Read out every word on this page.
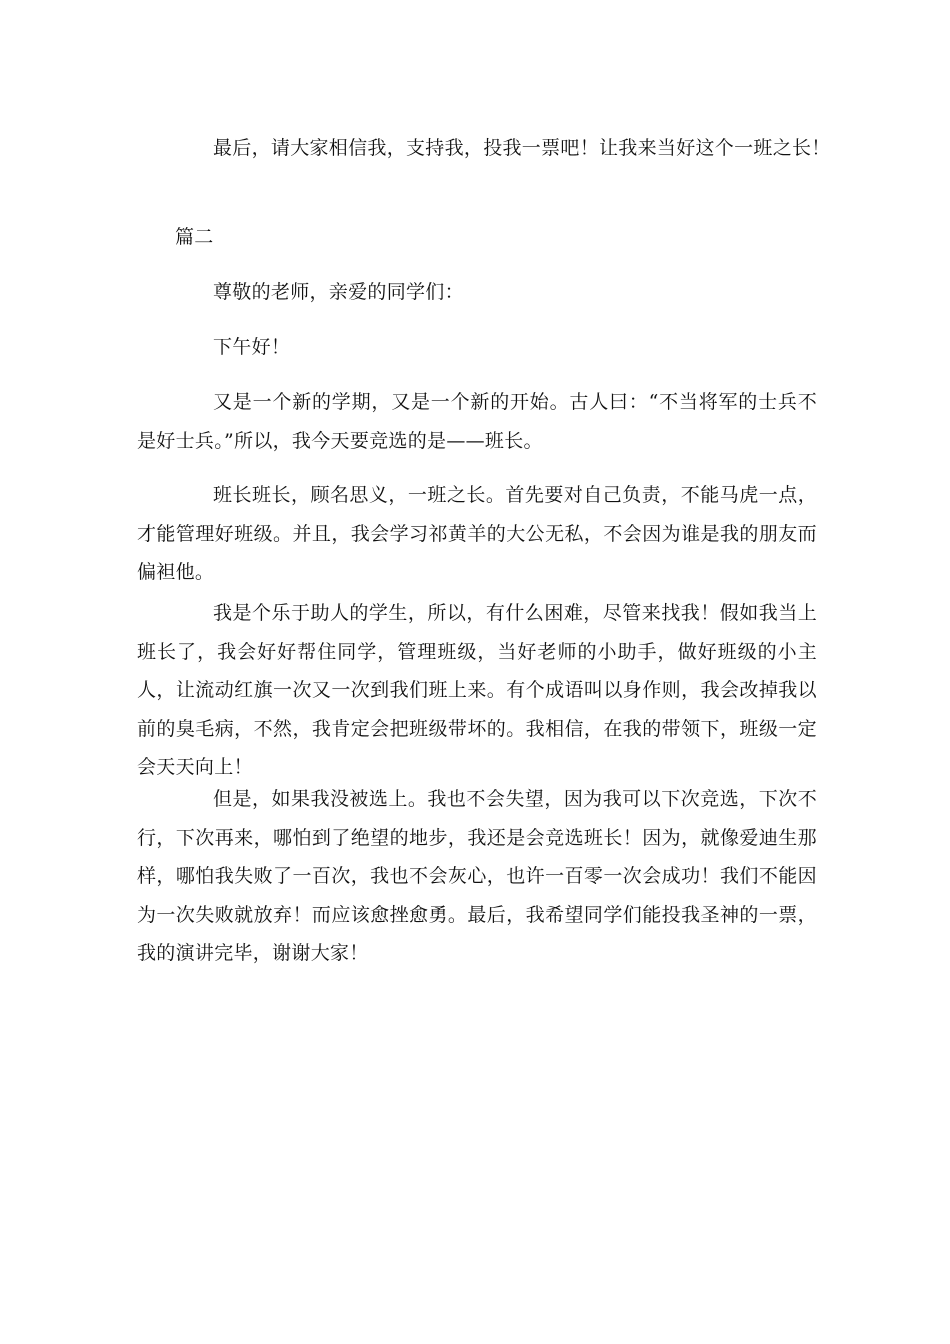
最后，请大家相信我，支持我，投我一票吧！让我来当好这个一班之长！

篇二

尊敬的老师，亲爱的同学们：

下午好！

又是一个新的学期，又是一个新的开始。古人曰：“不当将军的士兵不是好士兵。”所以，我今天要竞选的是——班长。

班长班长，顾名思义，一班之长。首先要对自己负责，不能马虎一点，才能管理好班级。并且，我会学习祁黄羊的大公无私，不会因为谁是我的朋友而偏袒他。

我是个乐于助人的学生，所以，有什么困难，尽管来找我！假如我当上班长了，我会好好帮住同学，管理班级，当好老师的小助手，做好班级的小主人，让流动红旗一次又一次到我们班上来。有个成语叫以身作则，我会改掉我以前的臭毛病，不然，我肯定会把班级带坏的。我相信，在我的带领下，班级一定会天天向上！

但是，如果我没被选上。我也不会失望，因为我可以下次竞选，下次不行，下次再来，哪怕到了绝望的地步，我还是会竞选班长！因为，就像爱迪生那样，哪怕我失败了一百次，我也不会灰心，也许一百零一次会成功！我们不能因为一次失败就放弃！而应该愈挫愈勇。最后，我希望同学们能投我圣神的一票，我的演讲完毕，谢谢大家！
